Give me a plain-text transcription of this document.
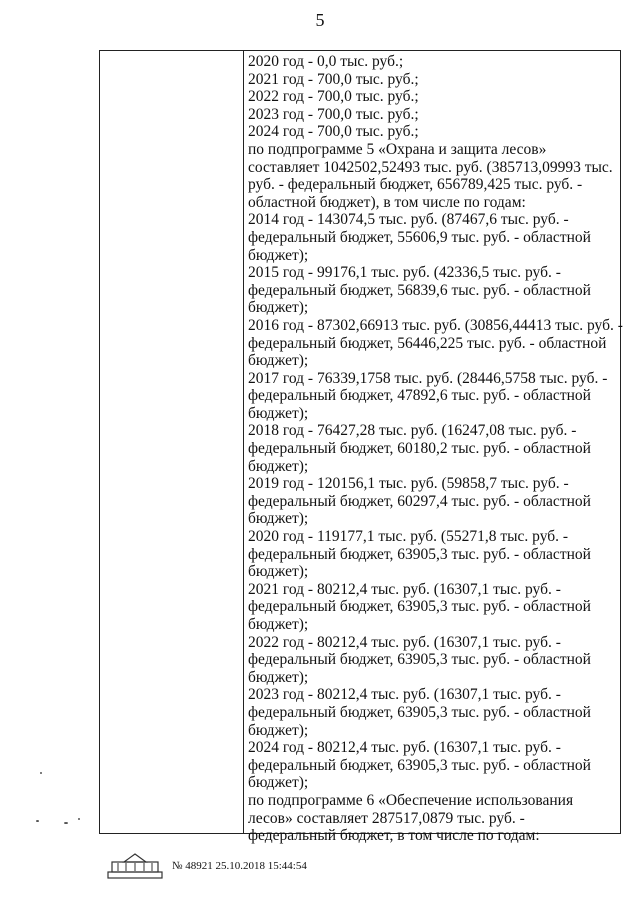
5
2020 год - 0,0 тыс. руб.;
2021 год - 700,0 тыс. руб.;
2022 год - 700,0 тыс. руб.;
2023 год - 700,0 тыс. руб.;
2024 год - 700,0 тыс. руб.;
по подпрограмме 5 «Охрана и защита лесов»
составляет 1042502,52493 тыс. руб. (385713,09993 тыс.
руб. - федеральный бюджет, 656789,425 тыс. руб. -
областной бюджет), в том числе по годам:
2014 год - 143074,5 тыс. руб. (87467,6 тыс. руб. -
федеральный бюджет, 55606,9 тыс. руб. - областной
бюджет);
2015 год - 99176,1 тыс. руб. (42336,5 тыс. руб. -
федеральный бюджет, 56839,6 тыс. руб. - областной
бюджет);
2016 год - 87302,66913 тыс. руб. (30856,44413 тыс. руб. -
федеральный бюджет, 56446,225 тыс. руб. - областной
бюджет);
2017 год - 76339,1758 тыс. руб. (28446,5758 тыс. руб. -
федеральный бюджет, 47892,6 тыс. руб. - областной
бюджет);
2018 год - 76427,28 тыс. руб. (16247,08 тыс. руб. -
федеральный бюджет, 60180,2 тыс. руб. - областной
бюджет);
2019 год - 120156,1 тыс. руб. (59858,7 тыс. руб. -
федеральный бюджет, 60297,4 тыс. руб. - областной
бюджет);
2020 год - 119177,1 тыс. руб. (55271,8 тыс. руб. -
федеральный бюджет, 63905,3 тыс. руб. - областной
бюджет);
2021 год - 80212,4 тыс. руб. (16307,1 тыс. руб. -
федеральный бюджет, 63905,3 тыс. руб. - областной
бюджет);
2022 год - 80212,4 тыс. руб. (16307,1 тыс. руб. -
федеральный бюджет, 63905,3 тыс. руб. - областной
бюджет);
2023 год - 80212,4 тыс. руб. (16307,1 тыс. руб. -
федеральный бюджет, 63905,3 тыс. руб. - областной
бюджет);
2024 год - 80212,4 тыс. руб. (16307,1 тыс. руб. -
федеральный бюджет, 63905,3 тыс. руб. - областной
бюджет);
по подпрограмме 6 «Обеспечение использования
лесов» составляет 287517,0879 тыс. руб. -
федеральный бюджет, в том числе по годам:
№ 48921 25.10.2018 15:44:54
